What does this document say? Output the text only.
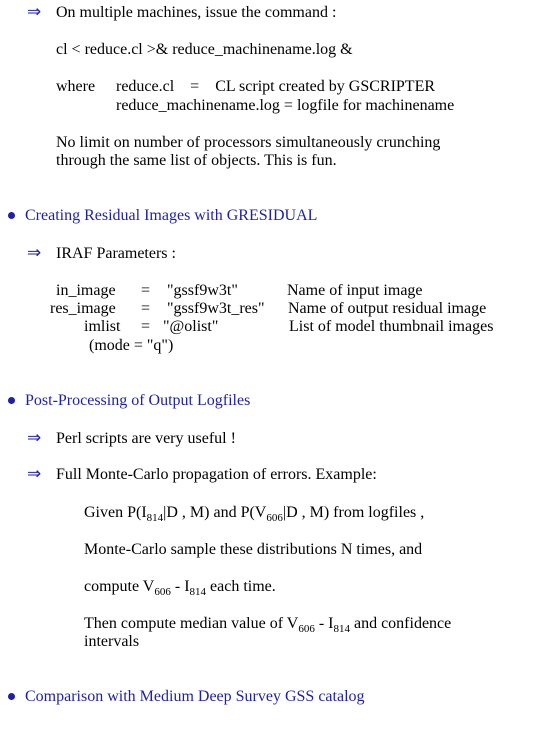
⇒ On multiple machines, issue the command :
cl < reduce.cl >& reduce_machinename.log &
where reduce.cl    =    CL script created by GSCRIPTER
reduce_machinename.log = logfile for machinename
No limit on number of processors simultaneously crunching
through the same list of objects. This is fun.
Creating Residual Images with GRESIDUAL
⇒ IRAF Parameters :
in_image = "gssf9w3t"	Name of input image
res_image = "gssf9w3t_res" Name of output residual image
imlist = "@olist"	List of model thumbnail images
(mode = "q")
Post-Processing of Output Logfiles
⇒ Perl scripts are very useful !
⇒ Full Monte-Carlo propagation of errors. Example:
Given $P(I_{814}|D$ , M) and $P(V_{606}|D$ , M) from logfiles ,
Monte-Carlo sample these distributions N times, and
compute $V_{606} - I_{814}$ each time.
Then compute median value of $V_{606} - I_{814}$ and confidence
intervals
Comparison with Medium Deep Survey GSS catalog
